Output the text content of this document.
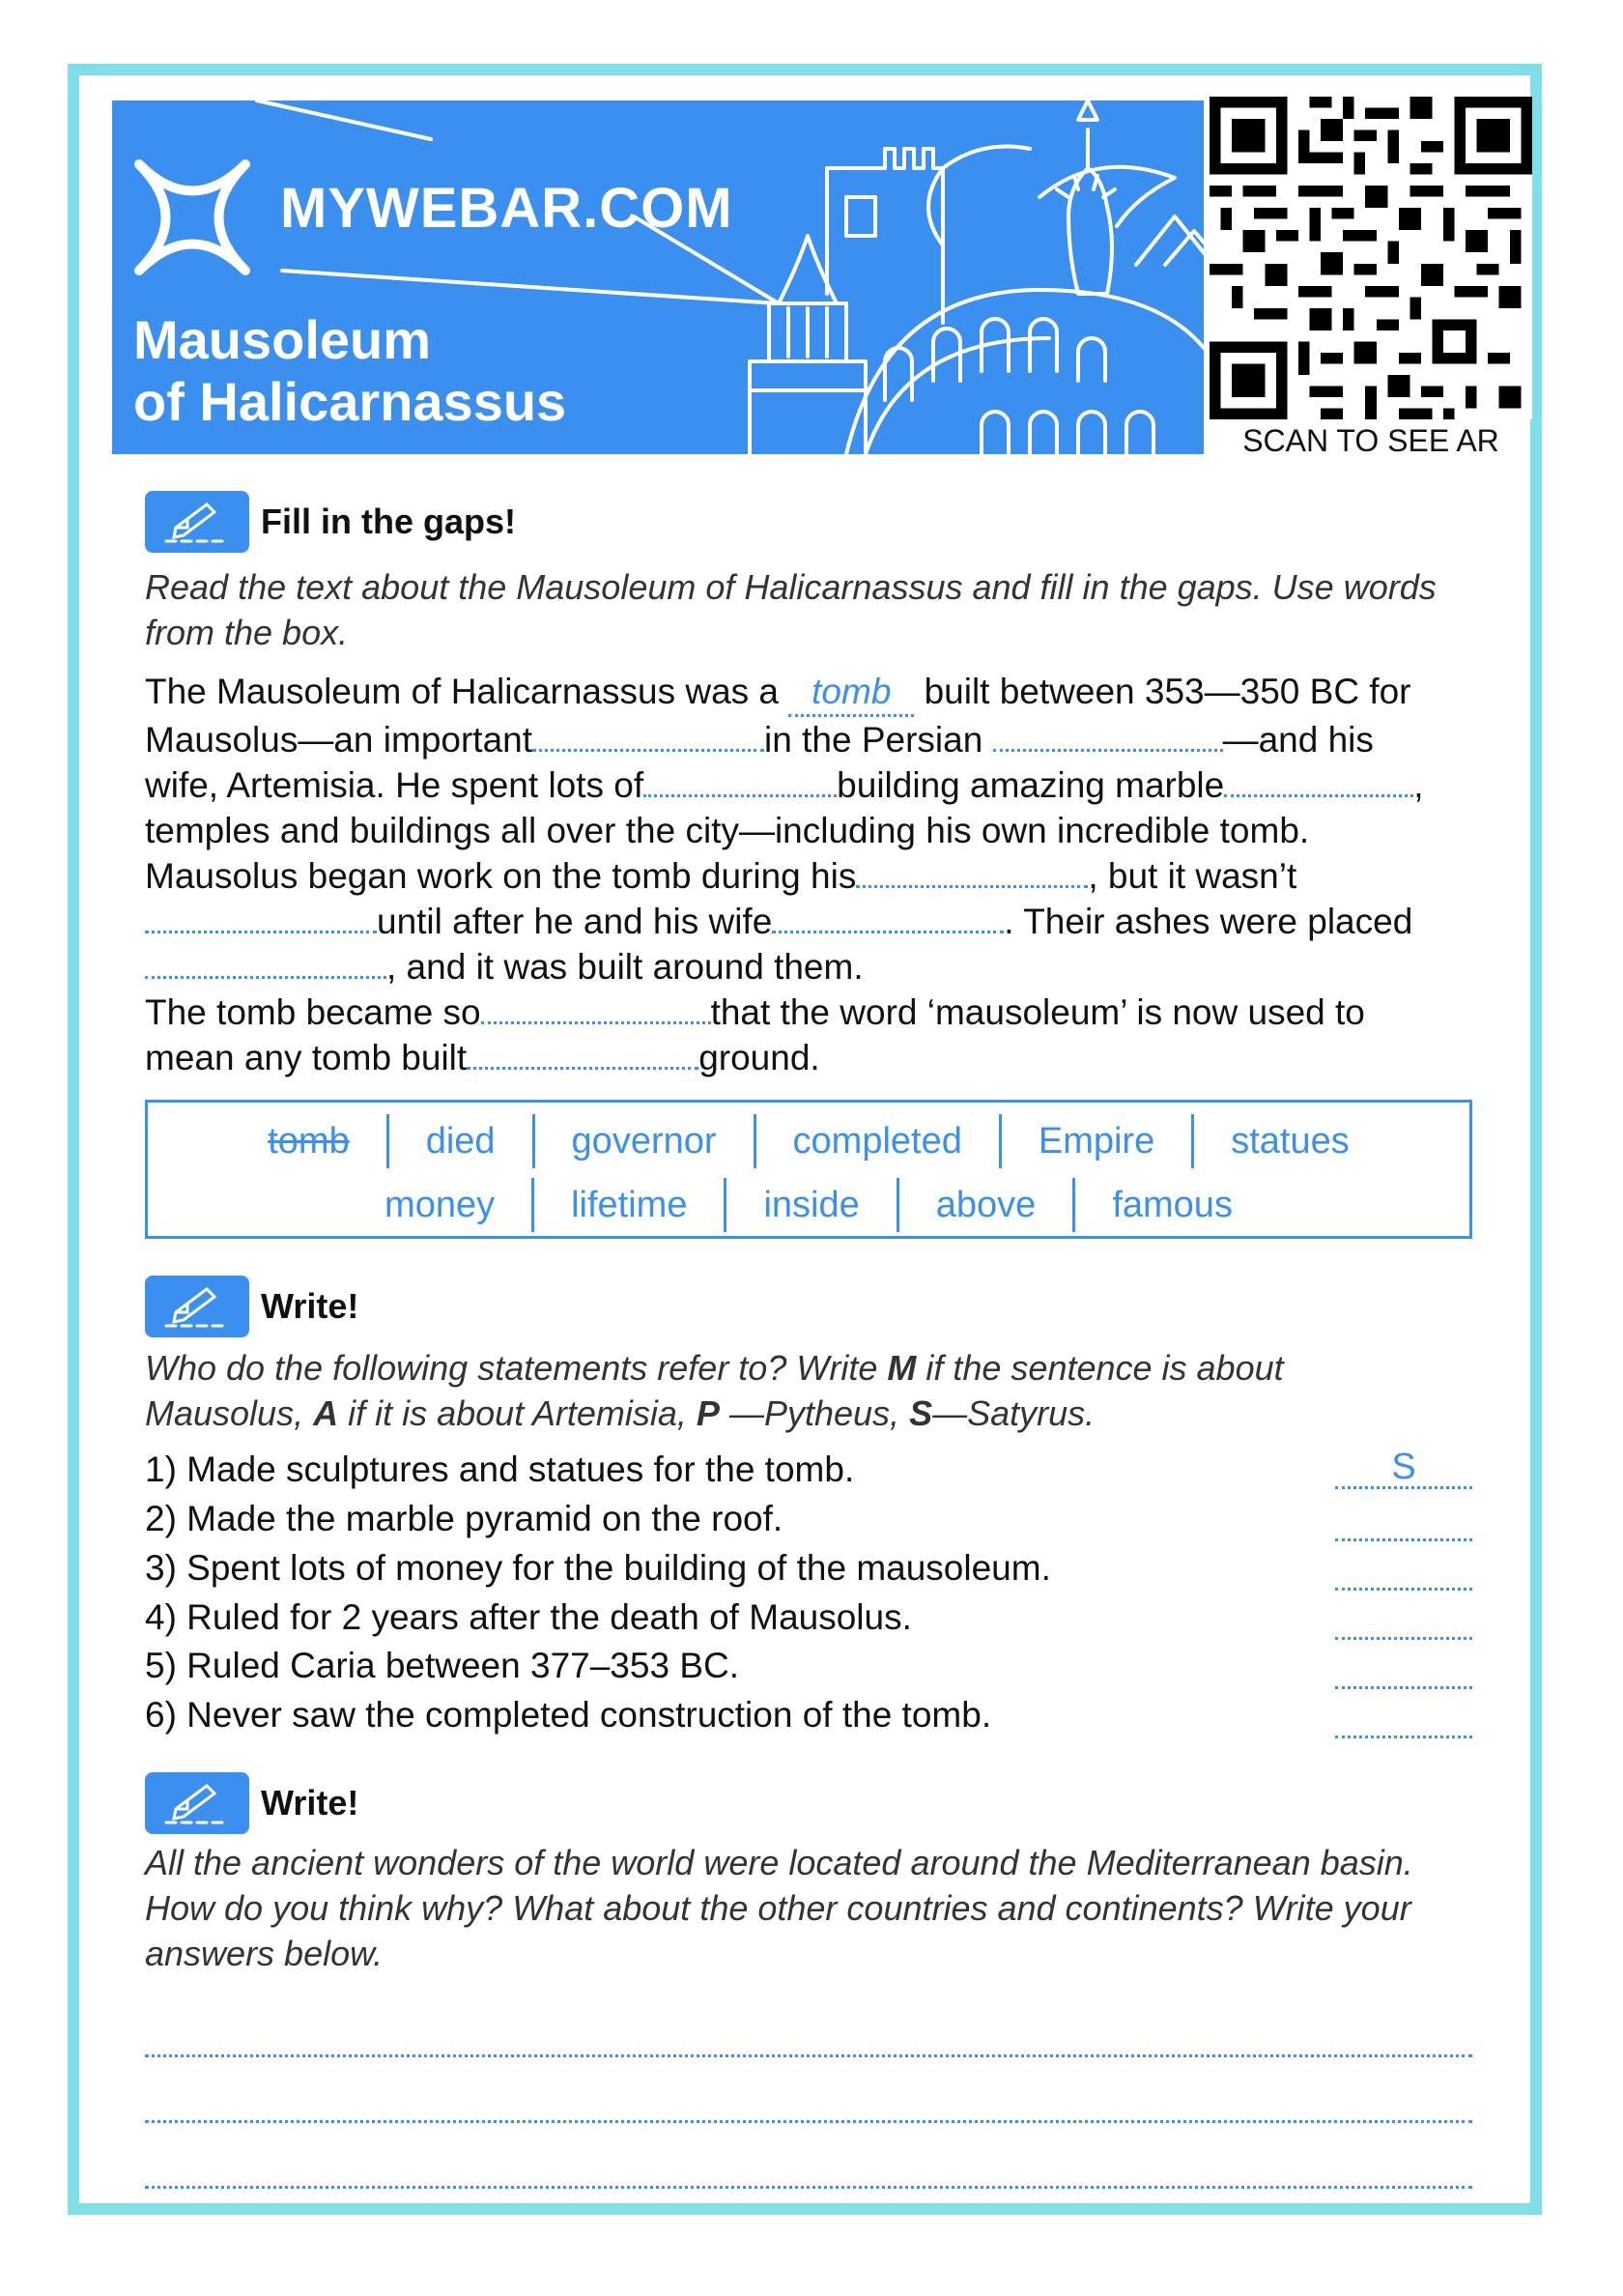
MYWEBAR.COM
Mausoleum
of Halicarnassus
SCAN TO SEE AR
Fill in the gaps!
Read the text about the Mausoleum of Halicarnassus and fill in the gaps. Use words from the box.
The Mausoleum of Halicarnassus was a tomb built between 353—350 BC for
Mausolus—an important	in the Persian	—and his
wife, Artemisia. He spent lots of	building amazing marble	,
temples and buildings all over the city—including his own incredible tomb.
Mausolus began work on the tomb during his	, but it wasn’t
until after he and his wife	. Their ashes were placed
, and it was built around them.
The tomb became so	that the word ‘mausoleum’ is now used to
mean any tomb built	ground.
tomb	died	governor	completed	Empire	statues
money	lifetime	inside	above	famous
Write!
Who do the following statements refer to? Write M if the sentence is about
Mausolus, A if it is about Artemisia, P —Pytheus, S—Satyrus.
1) Made sculptures and statues for the tomb.	S
2) Made the marble pyramid on the roof.
3) Spent lots of money for the building of the mausoleum.
4) Ruled for 2 years after the death of Mausolus.
5) Ruled Caria between 377–353 BC.
6) Never saw the completed construction of the tomb.
Write!
All the ancient wonders of the world were located around the Mediterranean basin. How do you think why? What about the other countries and continents? Write your answers below.
